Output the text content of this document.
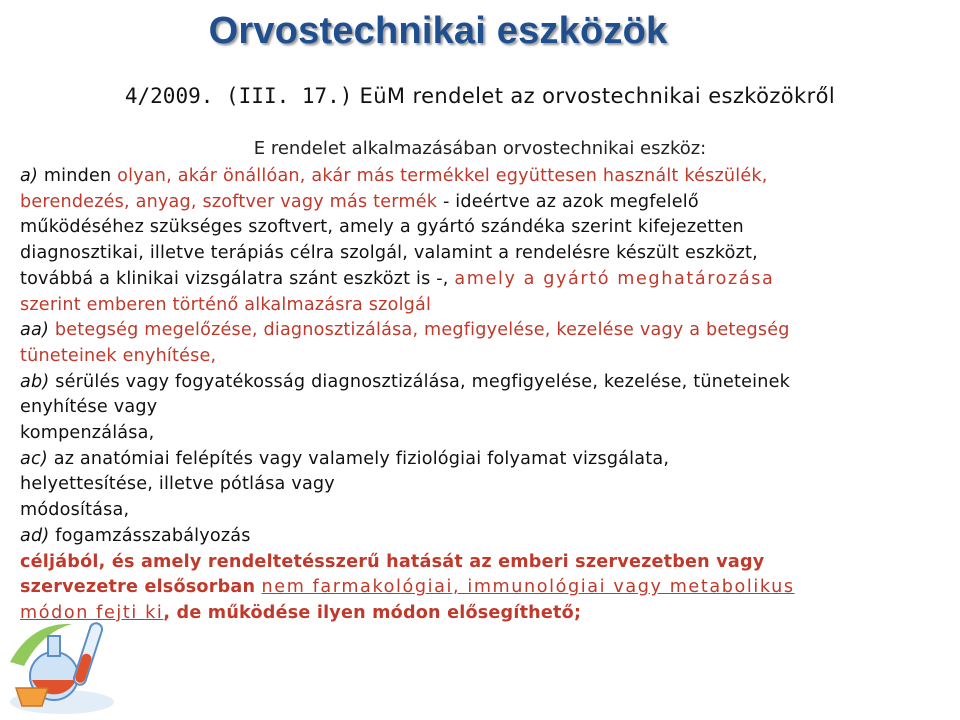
Orvostechnikai eszközök
4/2009. (III. 17.) EüM rendelet az orvostechnikai eszközökről
E rendelet alkalmazásában orvostechnikai eszköz:
a) minden olyan, akár önállóan, akár más termékkel együttesen használt készülék,
berendezés, anyag, szoftver vagy más termék - ideértve az azok megfelelő
működéséhez szükséges szoftvert, amely a gyártó szándéka szerint kifejezetten
diagnosztikai, illetve terápiás célra szolgál, valamint a rendelésre készült eszközt,
továbbá a klinikai vizsgálatra szánt eszközt is -, amely a gyártó meghatározása
szerint emberen történő alkalmazásra szolgál
aa) betegség megelőzése, diagnosztizálása, megfigyelése, kezelése vagy a betegség
tüneteinek enyhítése,
ab) sérülés vagy fogyatékosság diagnosztizálása, megfigyelése, kezelése, tüneteinek
enyhítése vagy
kompenzálása,
ac) az anatómiai felépítés vagy valamely fiziológiai folyamat vizsgálata,
helyettesítése, illetve pótlása vagy
módosítása,
ad) fogamzásszabályozás
céljából, és amely rendeltetésszerű hatását az emberi szervezetben vagy
szervezetre elsősorban nem farmakológiai, immunológiai vagy metabolikus
módon fejti ki, de működése ilyen módon elősegíthető;
